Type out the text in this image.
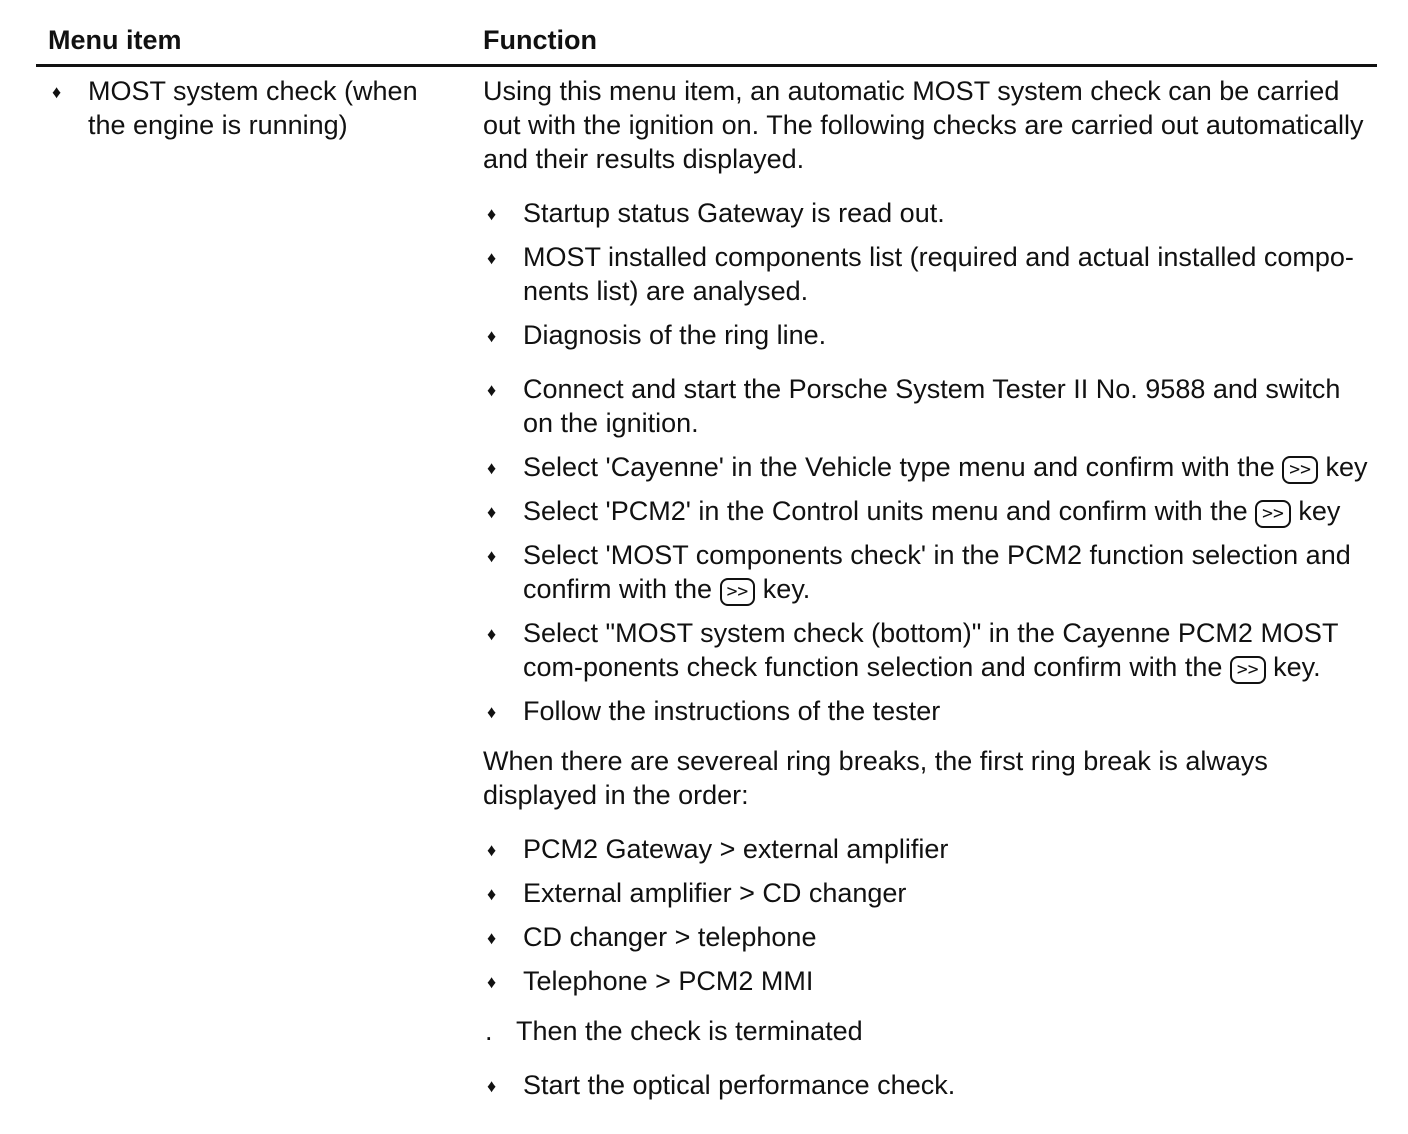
Menu item	Function
♦ MOST system check (when the engine is running)

Using this menu item, an automatic MOST system check can be carried out with the ignition on. The following checks are carried out automatically and their results displayed.

♦ Startup status Gateway is read out.
♦ MOST installed components list (required and actual installed compo-nents list) are analysed.
♦ Diagnosis of the ring line.
♦ Connect and start the Porsche System Tester II No. 9588 and switch on the ignition.
♦ Select 'Cayenne' in the Vehicle type menu and confirm with the >> key
♦ Select 'PCM2' in the Control units menu and confirm with the >> key
♦ Select 'MOST components check' in the PCM2 function selection and confirm with the >> key.
♦ Select "MOST system check (bottom)" in the Cayenne PCM2 MOST com-ponents check function selection and confirm with the >> key.
♦ Follow the instructions of the tester

When there are severeal ring breaks, the first ring break is always displayed in the order:

♦ PCM2 Gateway > external amplifier
♦ External amplifier > CD changer
♦ CD changer > telephone
♦ Telephone > PCM2 MMI
. Then the check is terminated
♦ Start the optical performance check.
